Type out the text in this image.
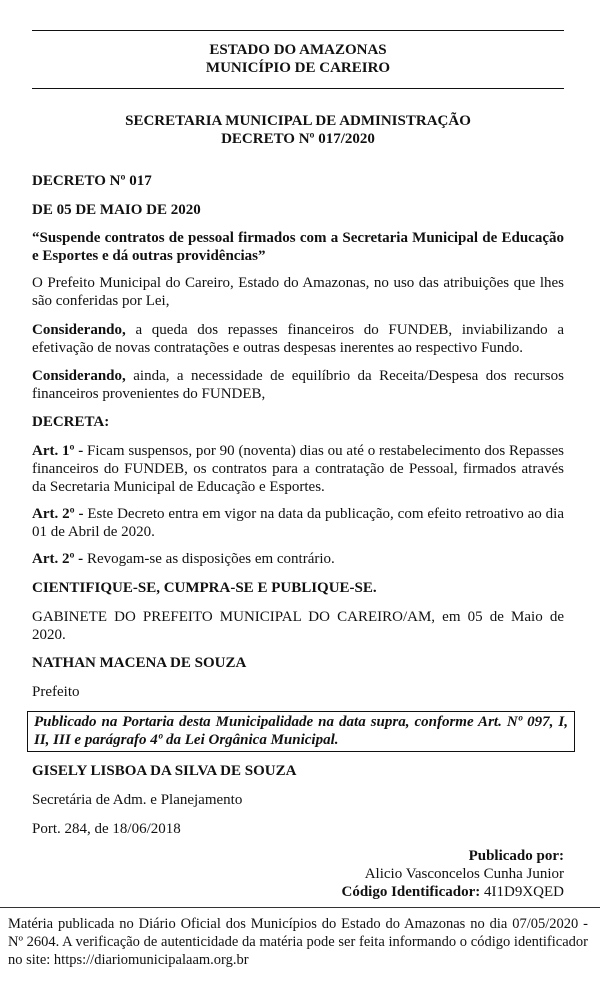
ESTADO DO AMAZONAS
MUNICÍPIO DE CAREIRO
SECRETARIA MUNICIPAL DE ADMINISTRAÇÃO
DECRETO Nº 017/2020
DECRETO Nº 017
DE 05 DE MAIO DE 2020
“Suspende contratos de pessoal firmados com a Secretaria Municipal de Educação e Esportes e dá outras providências”
O Prefeito Municipal do Careiro, Estado do Amazonas, no uso das atribuições que lhes são conferidas por Lei,
Considerando, a queda dos repasses financeiros do FUNDEB, inviabilizando a efetivação de novas contratações e outras despesas inerentes ao respectivo Fundo.
Considerando, ainda, a necessidade de equilíbrio da Receita/Despesa dos recursos financeiros provenientes do FUNDEB,
DECRETA:
Art. 1º - Ficam suspensos, por 90 (noventa) dias ou até o restabelecimento dos Repasses financeiros do FUNDEB, os contratos para a contratação de Pessoal, firmados através da Secretaria Municipal de Educação e Esportes.
Art. 2º - Este Decreto entra em vigor na data da publicação, com efeito retroativo ao dia 01 de Abril de 2020.
Art. 2º - Revogam-se as disposições em contrário.
CIENTIFIQUE-SE, CUMPRA-SE E PUBLIQUE-SE.
GABINETE DO PREFEITO MUNICIPAL DO CAREIRO/AM, em 05 de Maio de 2020.
NATHAN MACENA DE SOUZA
Prefeito
Publicado na Portaria desta Municipalidade na data supra, conforme Art. Nº 097, I, II, III e parágrafo 4º da Lei Orgânica Municipal.
GISELY LISBOA DA SILVA DE SOUZA
Secretária de Adm. e Planejamento
Port. 284, de 18/06/2018
Publicado por:
Alicio Vasconcelos Cunha Junior
Código Identificador: 4I1D9XQED
Matéria publicada no Diário Oficial dos Municípios do Estado do Amazonas no dia 07/05/2020 - Nº 2604. A verificação de autenticidade da matéria pode ser feita informando o código identificador no site: https://diariomunicipalaam.org.br
